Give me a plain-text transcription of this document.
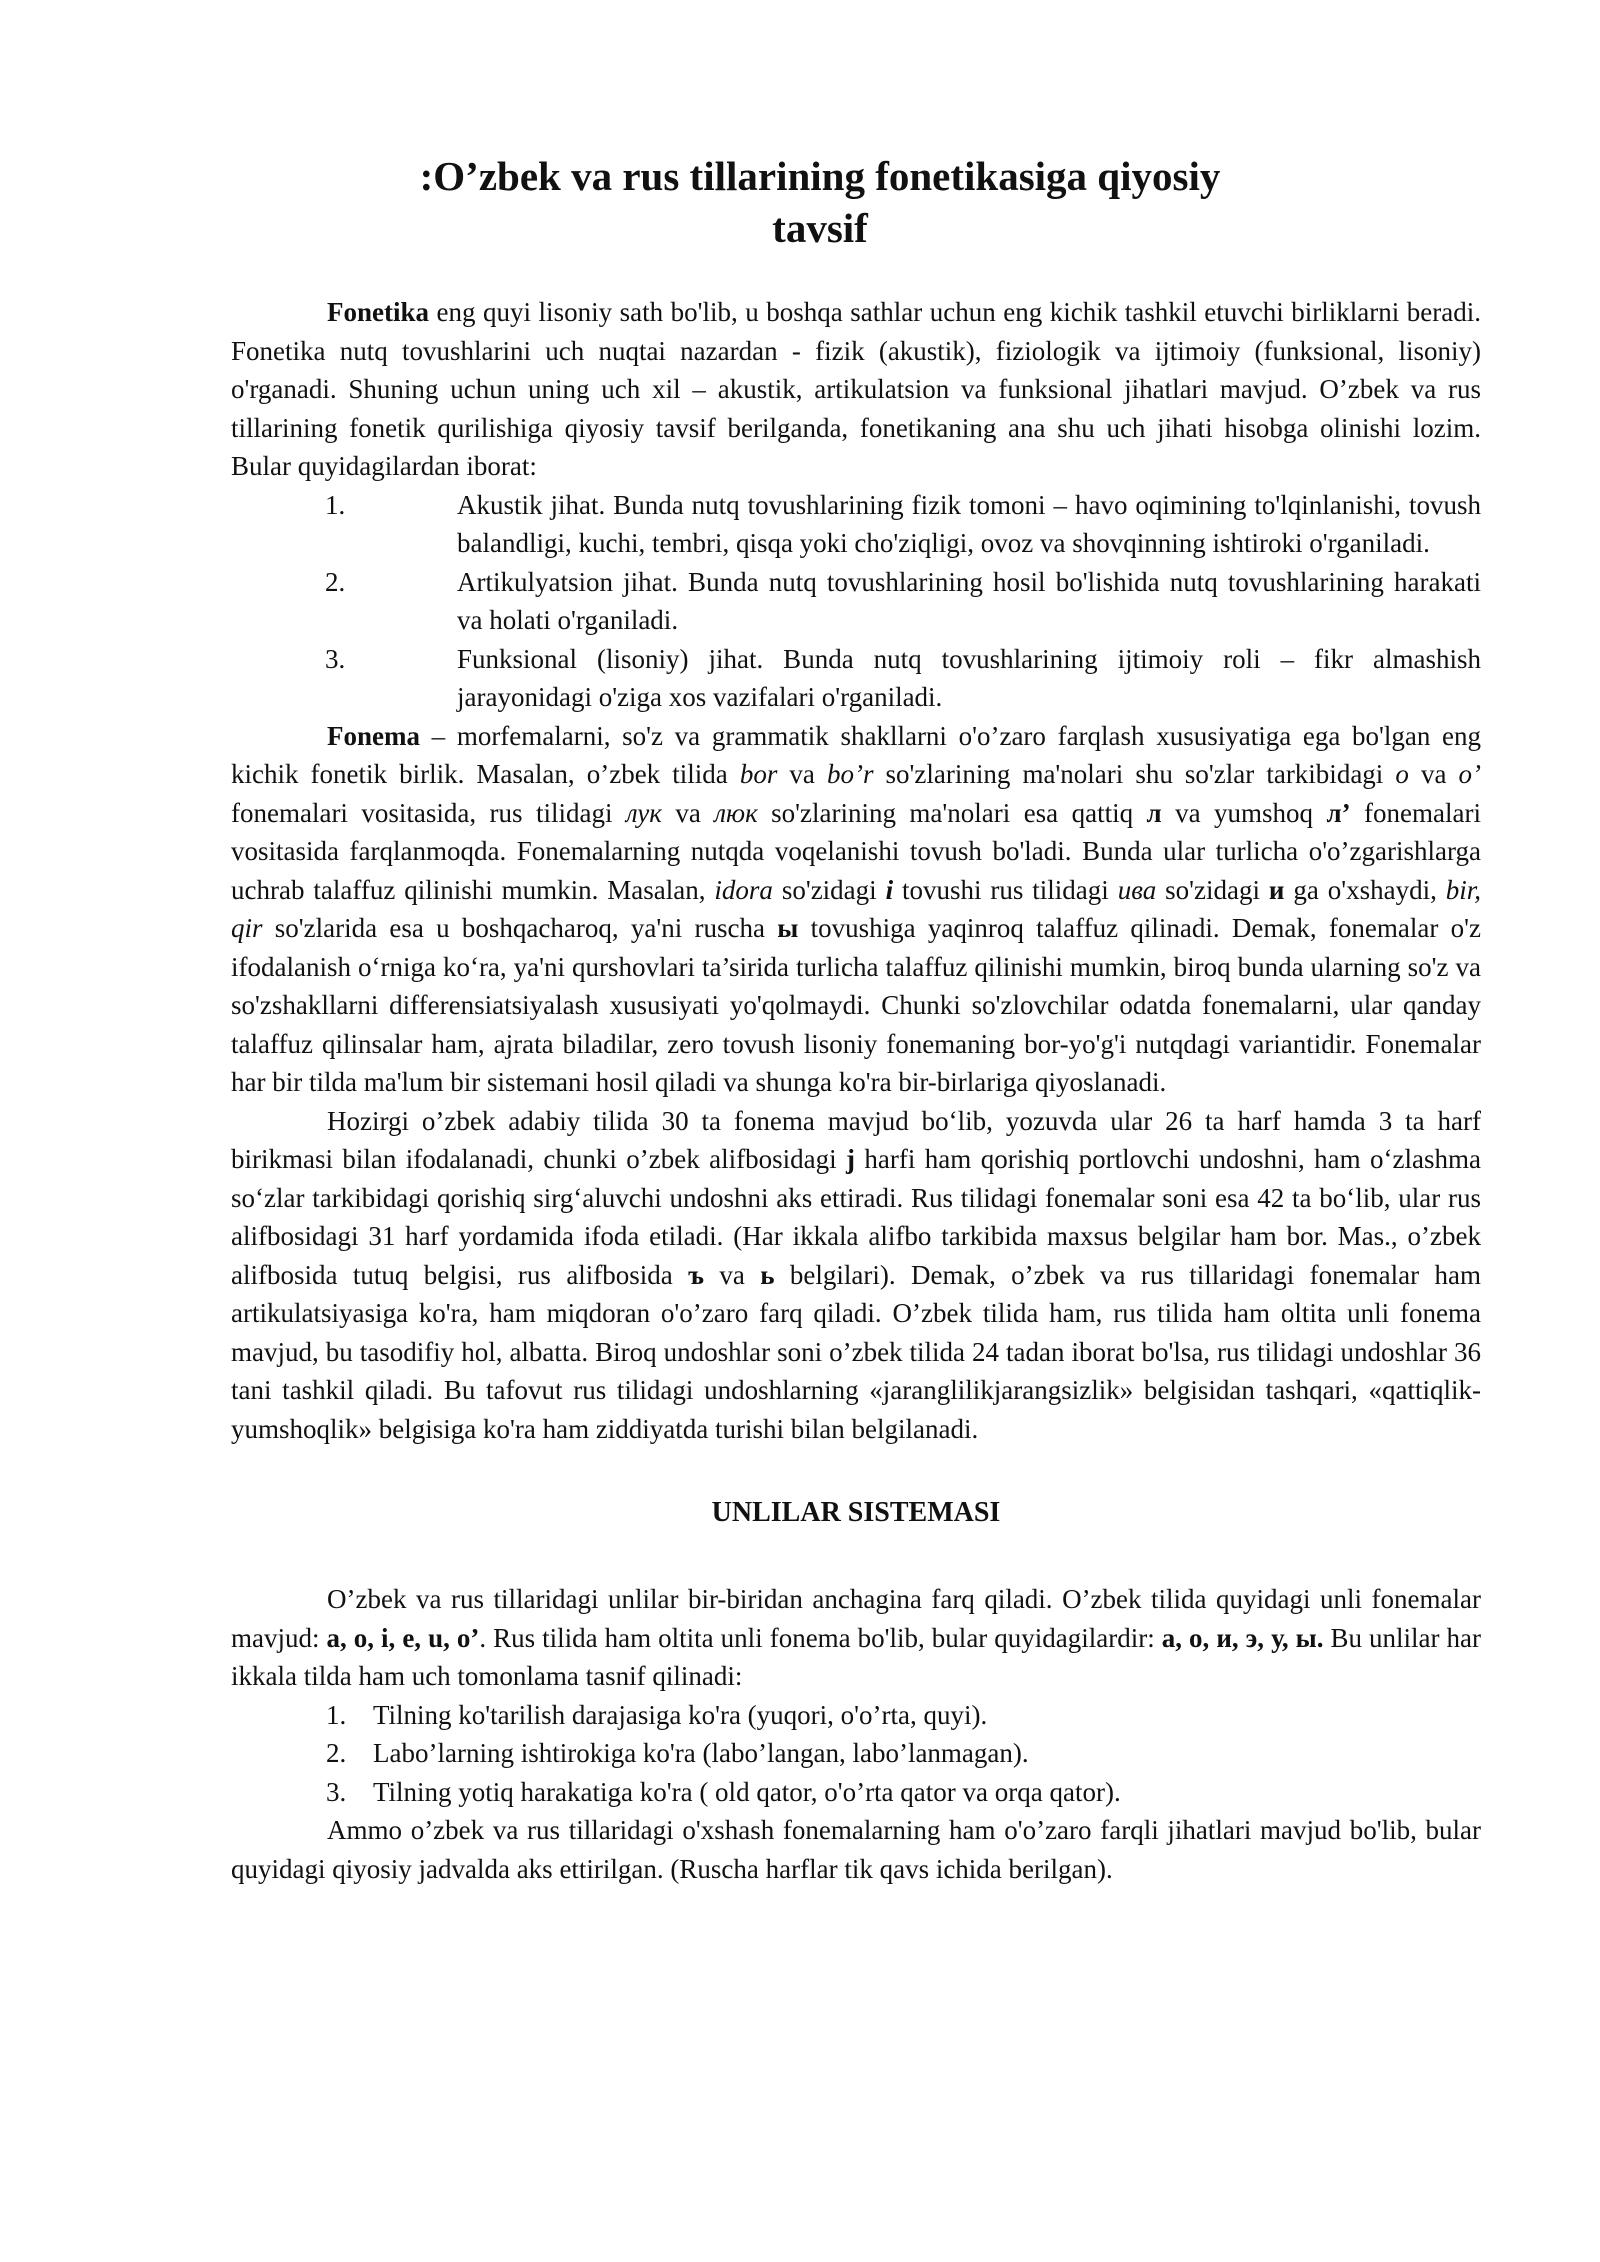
:O’zbek va rus tillarining fonetikasiga qiyosiy
tavsif

Fonetika eng quyi lisoniy sath bo'lib, u boshqa sathlar uchun eng kichik tashkil etuvchi birliklarni beradi. Fonetika nutq tovushlarini uch nuqtai nazardan - fizik (akustik), fiziologik va ijtimoiy (funksional, lisoniy) o'rganadi. Shuning uchun uning uch xil – akustik, artikulatsion va funksional jihatlari mavjud. O’zbek va rus tillarining fonetik qurilishiga qiyosiy tavsif berilganda, fonetikaning ana shu uch jihati hisobga olinishi lozim. Bular quyidagilardan iborat:

1.	Akustik jihat. Bunda nutq tovushlarining fizik tomoni – havo oqimining to'lqinlanishi, tovush balandligi, kuchi, tembri, qisqa yoki cho'ziqligi, ovoz va shovqinning ishtiroki o'rganiladi.
2.	Artikulyatsion jihat. Bunda nutq tovushlarining hosil bo'lishida nutq tovushlarining harakati va holati o'rganiladi.
3.	Funksional (lisoniy) jihat. Bunda nutq tovushlarining ijtimoiy roli – fikr almashish jarayonidagi o'ziga xos vazifalari o'rganiladi.

Fonema – morfemalarni, so'z va grammatik shakllarni o'o’zaro farqlash xususiyatiga ega bo'lgan eng kichik fonetik birlik. Masalan, o’zbek tilida bor va bo’r so'zlarining ma'nolari shu so'zlar tarkibidagi o va o’ fonemalari vositasida, rus tilidagi лук va люк so'zlarining ma'nolari esa qattiq л va yumshoq л’ fonemalari vositasida farqlanmoqda. Fonemalarning nutqda voqelanishi tovush bo'ladi. Bunda ular turlicha o'o’zgarishlarga uchrab talaffuz qilinishi mumkin. Masalan, idora so'zidagi i tovushi rus tilidagi ива so'zidagi и ga o'xshaydi, bir, qir so'zlarida esa u boshqacharoq, ya'ni ruscha ы tovushiga yaqinroq talaffuz qilinadi. Demak, fonemalar o'z ifodalanish o‘rniga ko‘ra, ya'ni qurshovlari ta’sirida turlicha talaffuz qilinishi mumkin, biroq bunda ularning so'z va so'zshakllarni differensiatsiyalash xususiyati yo'qolmaydi. Chunki so'zlovchilar odatda fonemalarni, ular qanday talaffuz qilinsalar ham, ajrata biladilar, zero tovush lisoniy fonemaning bor-yo'g'i nutqdagi variantidir. Fonemalar har bir tilda ma'lum bir sistemani hosil qiladi va shunga ko'ra bir-birlariga qiyoslanadi.

Hozirgi o’zbek adabiy tilida 30 ta fonema mavjud bo‘lib, yozuvda ular 26 ta harf hamda 3 ta harf birikmasi bilan ifodalanadi, chunki o’zbek alifbosidagi j harfi ham qorishiq portlovchi undoshni, ham o‘zlashma so‘zlar tarkibidagi qorishiq sirg‘aluvchi undoshni aks ettiradi. Rus tilidagi fonemalar soni esa 42 ta bo‘lib, ular rus alifbosidagi 31 harf yordamida ifoda etiladi. (Har ikkala alifbo tarkibida maxsus belgilar ham bor. Mas., o’zbek alifbosida tutuq belgisi, rus alifbosida ъ va ь belgilari). Demak, o’zbek va rus tillaridagi fonemalar ham artikulatsiyasiga ko'ra, ham miqdoran o'o’zaro farq qiladi. O’zbek tilida ham, rus tilida ham oltita unli fonema mavjud, bu tasodifiy hol, albatta. Biroq undoshlar soni o’zbek tilida 24 tadan iborat bo'lsa, rus tilidagi undoshlar 36 tani tashkil qiladi. Bu tafovut rus tilidagi undoshlarning «jaranglilikjarangsizlik» belgisidan tashqari, «qattiqlik-yumshoqlik» belgisiga ko'ra ham ziddiyatda turishi bilan belgilanadi.

UNLILAR SISTEMASI

O’zbek va rus tillaridagi unlilar bir-biridan anchagina farq qiladi. O’zbek tilida quyidagi unli fonemalar mavjud: a, o, i, e, u, o’. Rus tilida ham oltita unli fonema bo'lib, bular quyidagilardir: а, о, и, э, у, ы. Bu unlilar har ikkala tilda ham uch tomonlama tasnif qilinadi:

1. Tilning ko'tarilish darajasiga ko'ra (yuqori, o'o’rta, quyi).
2. Labo’larning ishtirokiga ko'ra (labo’langan, labo’lanmagan).
3. Tilning yotiq harakatiga ko'ra ( old qator, o'o’rta qator va orqa qator).

Ammo o’zbek va rus tillaridagi o'xshash fonemalarning ham o'o’zaro farqli jihatlari mavjud bo'lib, bular quyidagi qiyosiy jadvalda aks ettirilgan. (Ruscha harflar tik qavs ichida berilgan).
